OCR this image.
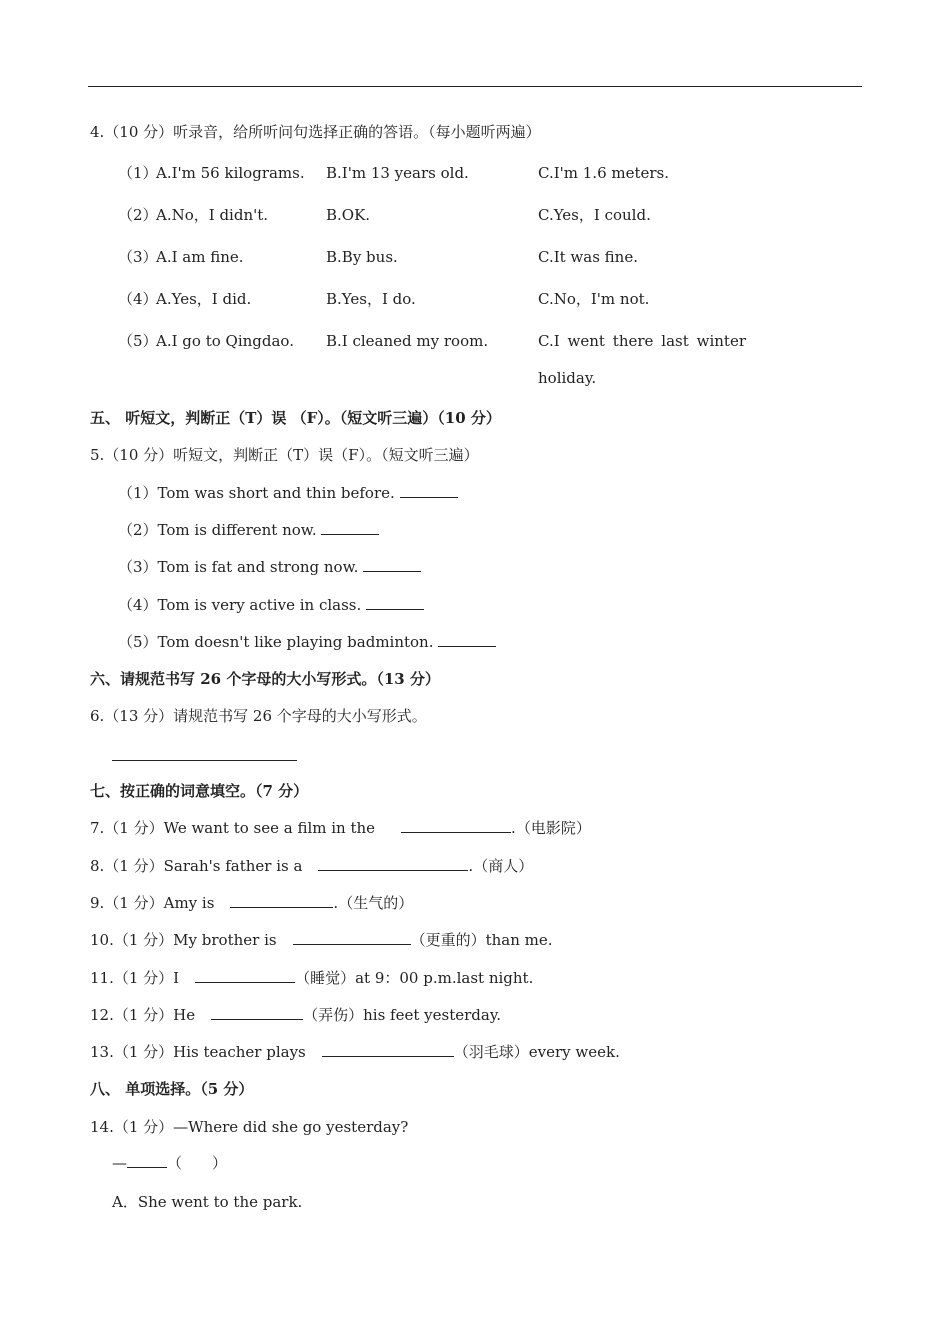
4.（10 分）听录音，给所听问句选择正确的答语。（每小题听两遍）
（1）
A.I'm 56 kilograms. B.I'm 13 years old.	C.I'm 1.6 meters.
（2）
A.No，I didn't.	B.OK.	C.Yes，I could.
（3）
A.I am fine.	B.By bus.	C.It was fine.
（4）
A.Yes，I did.	B.Yes，I do.	C.No，I'm not.
（5）
A.I go to Qingdao. B.I cleaned my room.	C.I went there last winter
holiday.
五、 听短文，判断正（T）误 （F）。（短文听三遍）（10 分）
5.（10 分）听短文，判断正（T）误（F）。（短文听三遍）
（1）Tom was short and thin before.
（2）Tom is different now.
（3）Tom is fat and strong now.
（4）Tom is very active in class.
（5）Tom doesn't like playing badminton.
六、请规范书写 26 个字母的大小写形式。（13 分）
6.（13 分）请规范书写 26 个字母的大小写形式。
七、按正确的词意填空。（7 分）
7.（1 分）We want to see a film in the	.（电影院）
8.（1 分）Sarah's father is a	.（商人）
9.（1 分）Amy is	.（生气的）
10.（1 分）My brother is	（更重的）than me.
11.（1 分）I	（睡觉）at 9：00 p.m.last night.
12.（1 分）He	（弄伤）his feet yesterday.
13.（1 分）His teacher plays	（羽毛球）every week.
八、 单项选择。（5 分）
14.（1 分）—Where did she go yesterday?
—	（　　）
A．She went to the park.
